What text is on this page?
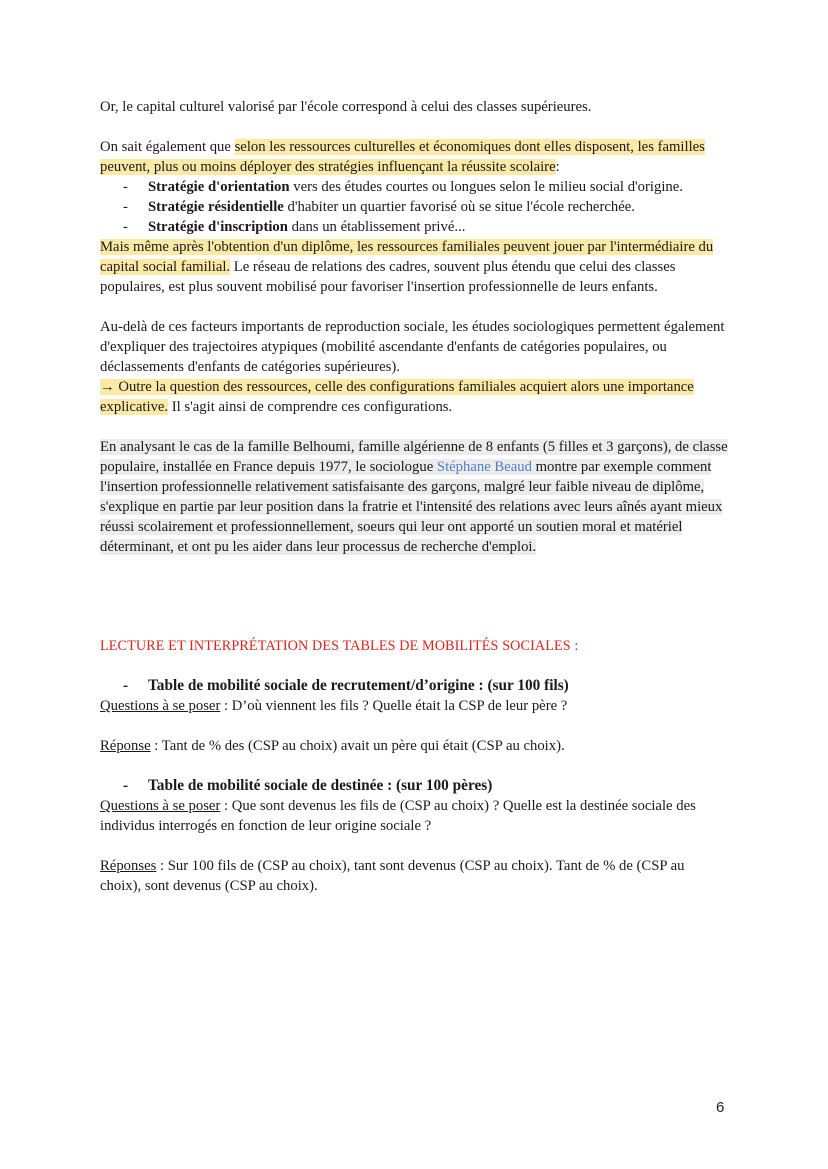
Or, le capital culturel valorisé par l'école correspond à celui des classes supérieures.

On sait également que selon les ressources culturelles et économiques dont elles disposent, les familles peuvent, plus ou moins déployer des stratégies influençant la réussite scolaire:

- Stratégie d'orientation vers des études courtes ou longues selon le milieu social d'origine.
- Stratégie résidentielle d'habiter un quartier favorisé où se situe l'école recherchée.
- Stratégie d'inscription dans un établissement privé...

Mais même après l'obtention d'un diplôme, les ressources familiales peuvent jouer par l'intermédiaire du capital social familial. Le réseau de relations des cadres, souvent plus étendu que celui des classes populaires, est plus souvent mobilisé pour favoriser l'insertion professionnelle de leurs enfants.

Au-delà de ces facteurs importants de reproduction sociale, les études sociologiques permettent également d'expliquer des trajectoires atypiques (mobilité ascendante d'enfants de catégories populaires, ou déclassements d'enfants de catégories supérieures).

→ Outre la question des ressources, celle des configurations familiales acquiert alors une importance explicative. Il s'agit ainsi de comprendre ces configurations.

En analysant le cas de la famille Belhoumi, famille algérienne de 8 enfants (5 filles et 3 garçons), de classe populaire, installée en France depuis 1977, le sociologue Stéphane Beaud montre par exemple comment l'insertion professionnelle relativement satisfaisante des garçons, malgré leur faible niveau de diplôme, s'explique en partie par leur position dans la fratrie et l'intensité des relations avec leurs aînés ayant mieux réussi scolairement et professionnellement, soeurs qui leur ont apporté un soutien moral et matériel déterminant, et ont pu les aider dans leur processus de recherche d'emploi.

LECTURE ET INTERPRÉTATION DES TABLES DE MOBILITÉS SOCIALES :

- Table de mobilité sociale de recrutement/d’origine : (sur 100 fils)

Questions à se poser : D’où viennent les fils ? Quelle était la CSP de leur père ?

Réponse : Tant de % des (CSP au choix) avait un père qui était (CSP au choix).

- Table de mobilité sociale de destinée : (sur 100 pères)

Questions à se poser : Que sont devenus les fils de (CSP au choix) ? Quelle est la destinée sociale des individus interrogés en fonction de leur origine sociale ?

Réponses : Sur 100 fils de (CSP au choix), tant sont devenus (CSP au choix). Tant de % de (CSP au choix), sont devenus (CSP au choix).

6
